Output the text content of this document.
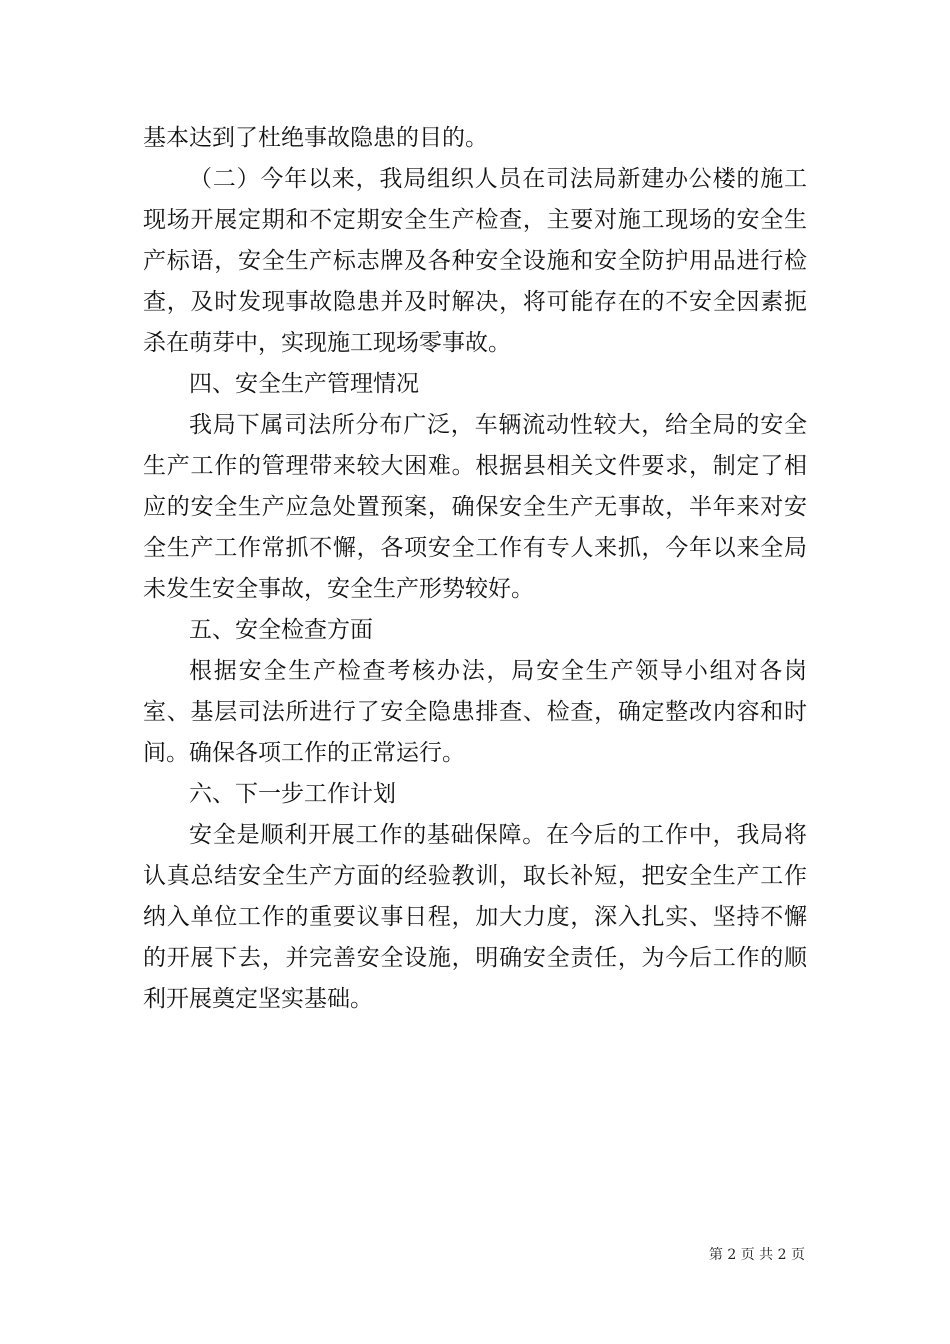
基本达到了杜绝事故隐患的目的。

（二）今年以来，我局组织人员在司法局新建办公楼的施工现场开展定期和不定期安全生产检查，主要对施工现场的安全生产标语，安全生产标志牌及各种安全设施和安全防护用品进行检查，及时发现事故隐患并及时解决，将可能存在的不安全因素扼杀在萌芽中，实现施工现场零事故。

四、安全生产管理情况

我局下属司法所分布广泛，车辆流动性较大，给全局的安全生产工作的管理带来较大困难。根据县相关文件要求，制定了相应的安全生产应急处置预案，确保安全生产无事故，半年来对安全生产工作常抓不懈，各项安全工作有专人来抓，今年以来全局未发生安全事故，安全生产形势较好。

五、安全检查方面

根据安全生产检查考核办法，局安全生产领导小组对各岗室、基层司法所进行了安全隐患排查、检查，确定整改内容和时间。确保各项工作的正常运行。

六、下一步工作计划

安全是顺利开展工作的基础保障。在今后的工作中，我局将认真总结安全生产方面的经验教训，取长补短，把安全生产工作纳入单位工作的重要议事日程，加大力度，深入扎实、坚持不懈的开展下去，并完善安全设施，明确安全责任，为今后工作的顺利开展奠定坚实基础。

第 2 页 共 2 页
